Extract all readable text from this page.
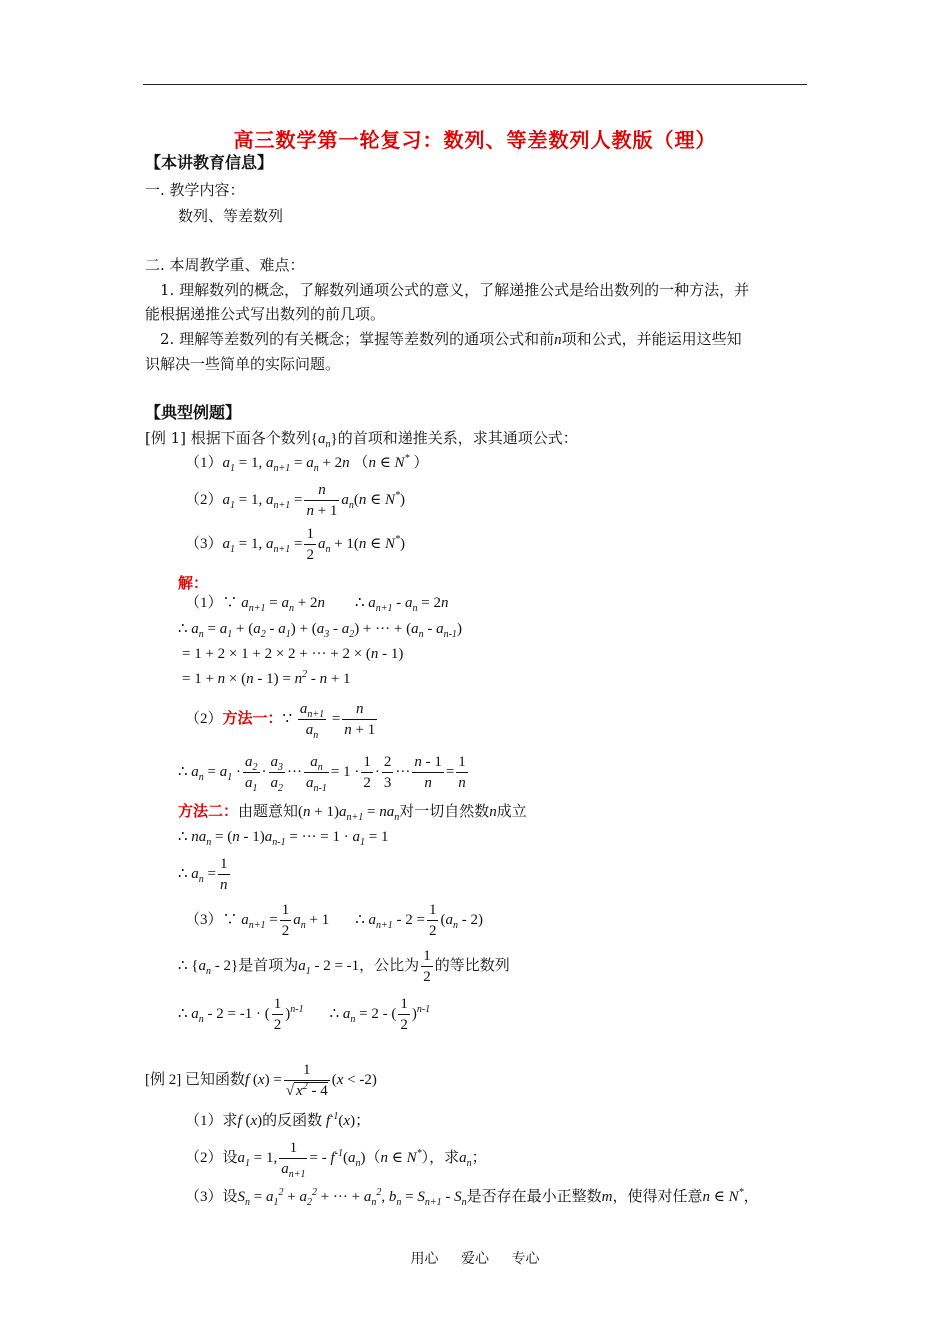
高三数学第一轮复习：数列、等差数列人教版（理）
【本讲教育信息】
一. 教学内容：
数列、等差数列
二. 本周教学重、难点：
1. 理解数列的概念，了解数列通项公式的意义，了解递推公式是给出数列的一种方法，并
能根据递推公式写出数列的前几项。
2. 理解等差数列的有关概念；掌握等差数列的通项公式和前n项和公式，并能运用这些知
识解决一些简单的实际问题。
【典型例题】
[例 1] 根据下面各个数列$\{a_n\}$的首项和递推关系，求其通项公式：
$(1)a_1 = 1$, $a_{n+1} = a_n + 2n$ （n ∈ N* ）
$(2)a_1 = 1$, $a_{n+1} = \frac{n}{n + 1} a_n(n$ ∈ N*)
$(3)a_1 = 1$, $a_{n+1} = \frac{1}{2} a_n + 1(n$ ∈ N*)
解：
（1）∵ $a_{n+1} = a_n + 2n$ ∴ $a_{n+1} - a_n = 2n$
∴ $a_n = a_1 + (a_2 - a_1) + (a_3 - a_2)$ + ··· + $(a_n - a_{n-1})$
= 1 + 2 × 1 + 2 × 2 + ··· + 2 × (n - 1)
= $1 + n \times (n - 1) = n^2 - n + 1$
（2）方法一：∵ $\frac{a_{n+1}}{a_n} = \frac{n}{n + 1}$
∴ $a_n = a_1 \cdot \frac{a_2}{a_1} \cdot \frac{a_3}{a_2}$ ··· $\frac{a_n}{a_{n-1}} = 1 \cdot \frac{1}{2} \cdot \frac{2}{3}$ ··· $\frac{n - 1}{n} = \frac{1}{n}$
方法二：由题意知$(n + 1)a_{n+1} = na_n$对一切自然数n成立
∴ $na_n = (n - 1)a_{n-1}$ = ··· = $1 \cdot a_1 = 1$
∴ $a_n = \frac{1}{n}$
（3）∵ $a_{n+1} = \frac{1}{2} a_n + 1$ ∴ $a_{n+1} - 2 = \frac{1}{2} (a_n - 2)$
∴ $\{a_n - 2\}$是首项为$a_1 - 2 = -1$，公比为 $\frac{1}{2}$ 的等比数列
∴ $a_n - 2 = -1$ · ( $\frac{1}{2} )^{n-1}$ ∴ $a_n = 2$ - ( $\frac{1}{2} )^{n-1}$
[例 2] 已知函数f $(x) = \frac{1}{√ x^2 - 4} (x < -2)$
（1）求f (x)的反函数 $f^{-1}(x)$；
（2）设$a_1 = 1$, $\frac{1}{a_{n+1}}$ = - $f^{-1}(a_n)(n$ ∈ N*），求$a_n$；
（3）设$S_n = a_1^2 + a_2^2$ + ··· + $a_n^2$, $b_n = S_{n+1} - S_n$是否存在最小正整数m，使得对任意n ∈ N*，
用心 爱心 专心
